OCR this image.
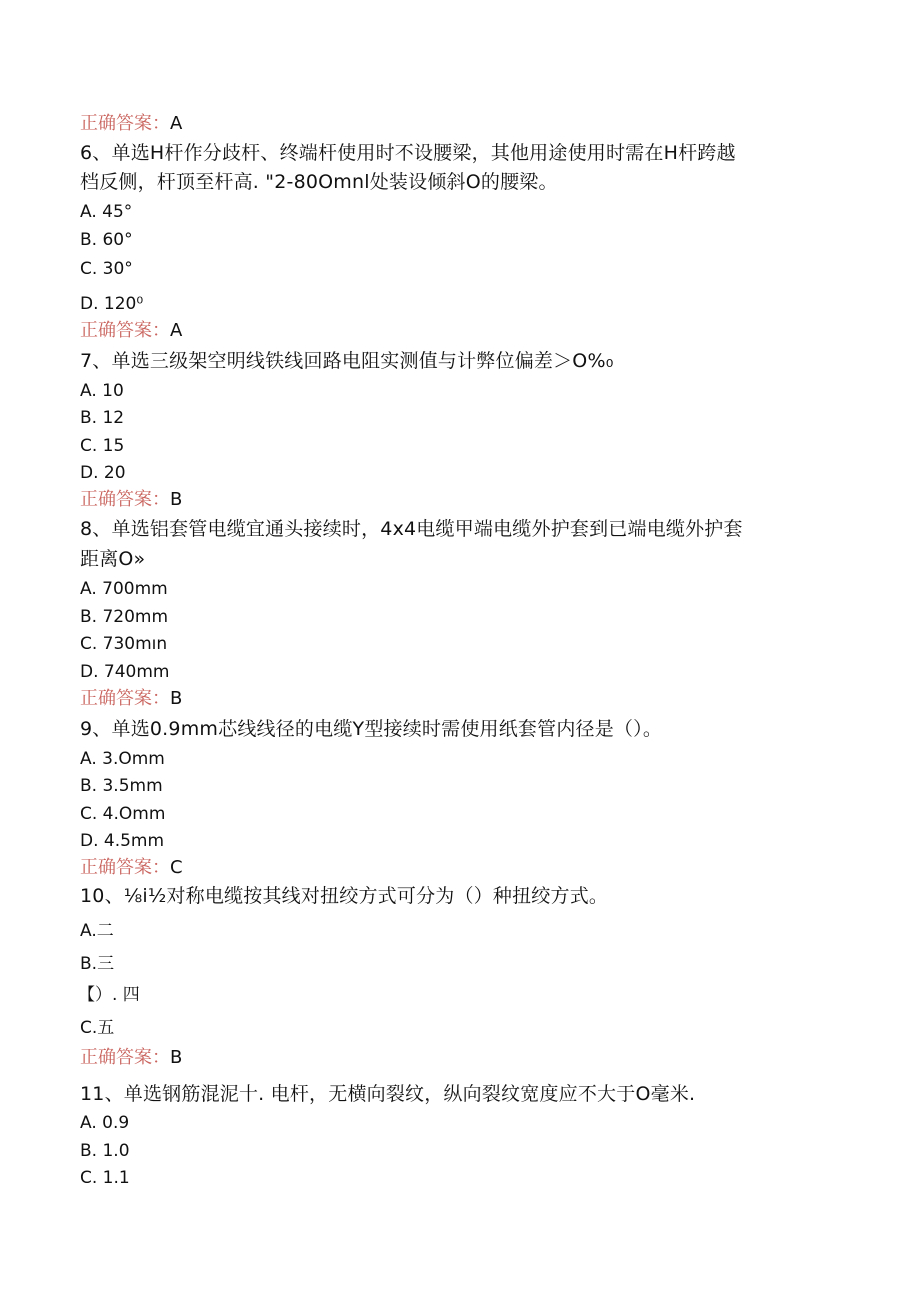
正确答案：A
6、单选H杆作分歧杆、终端杆使用时不设腰梁，其他用途使用时需在H杆跨越
档反侧，杆顶至杆高. "2-80Omnl处装设倾斜O的腰梁。
A. 45°
B. 60°
C. 30°
D. 120⁰
正确答案：A
7、单选三级架空明线铁线回路电阻实测值与计弊位偏差＞O%₀
A. 10
B. 12
C. 15
D. 20
正确答案：B
8、单选铝套管电缆宜通头接续时，4x4电缆甲端电缆外护套到已端电缆外护套
距离O»
A. 700mm
B. 720mm
C. 730mın
D. 740mm
正确答案：B
9、单选0.9mm芯线线径的电缆Y型接续时需使用纸套管内径是（）。
A. 3.Omm
B. 3.5mm
C. 4.Omm
D. 4.5mm
正确答案：C
10、⅛i½对称电缆按其线对扭绞方式可分为（）种扭绞方式。
A.二
B.三
【）. 四
C.五
正确答案：B
11、单选钢筋混泥十. 电杆，无横向裂纹，纵向裂纹宽度应不大于O毫米.
A. 0.9
B. 1.0
C. 1.1
